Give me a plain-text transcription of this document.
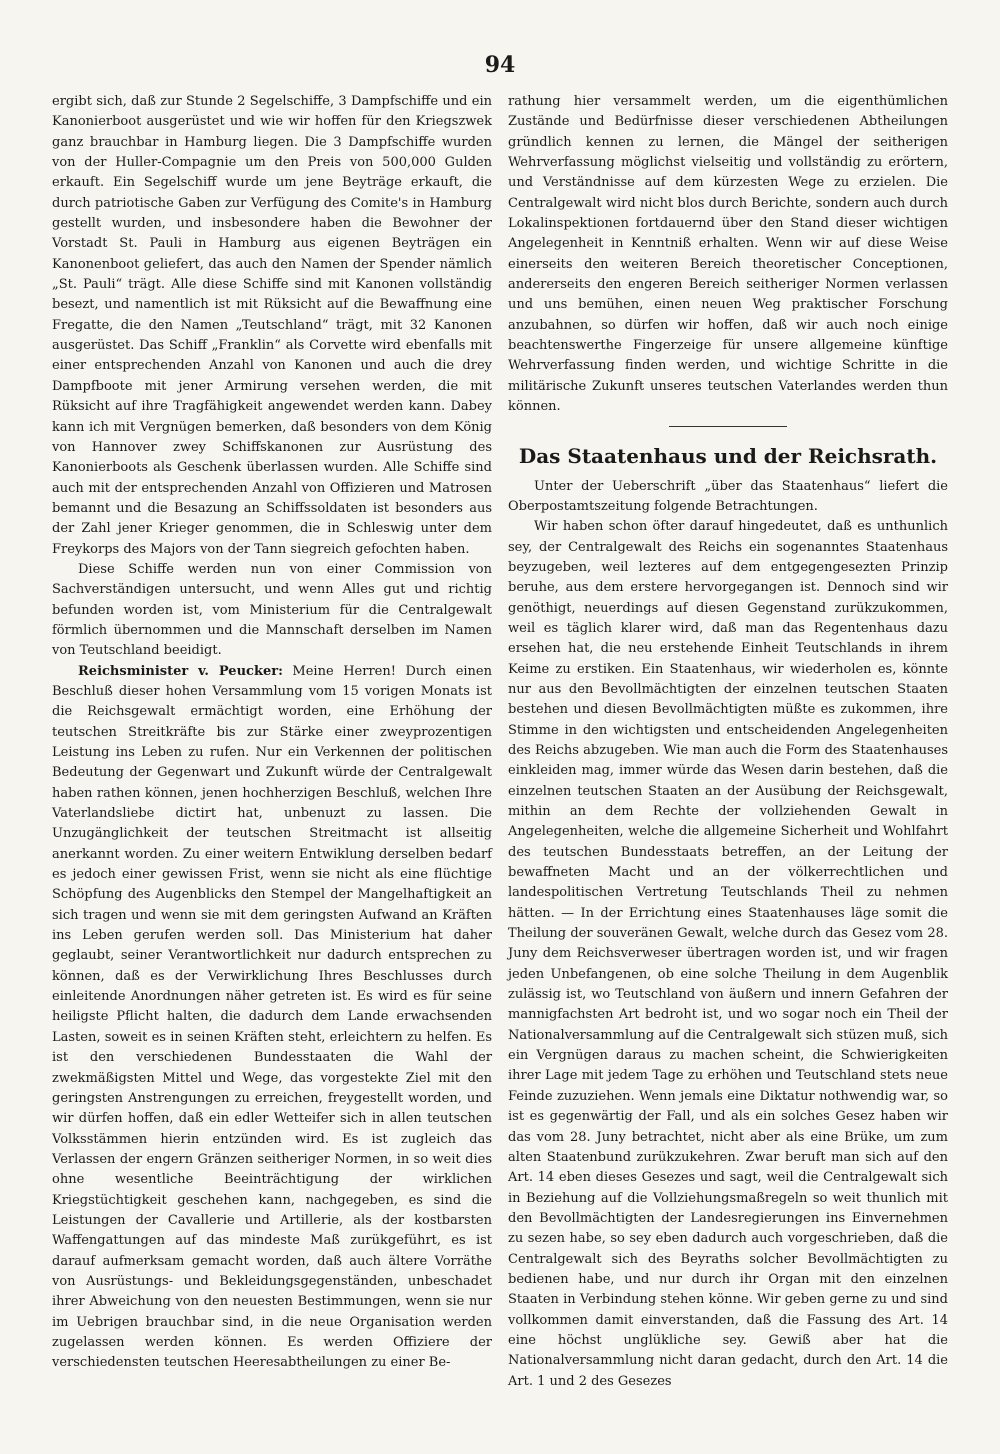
94

ergibt sich, daß zur Stunde 2 Segelschiffe, 3 Dampfschiffe und ein Kanonierboot ausgerüstet und wie wir hoffen für den Kriegszwek ganz brauchbar in Hamburg liegen. Die 3 Dampfschiffe wurden von der Huller-Compagnie um den Preis von 500,000 Gulden erkauft. Ein Segelschiff wurde um jene Beyträge erkauft, die durch patriotische Gaben zur Verfügung des Comite's in Hamburg gestellt wurden, und insbesondere haben die Bewohner der Vorstadt St. Pauli in Hamburg aus eigenen Beyträgen ein Kanonenboot geliefert, das auch den Namen der Spender nämlich „St. Pauli“ trägt. Alle diese Schiffe sind mit Kanonen vollständig besezt, und namentlich ist mit Rüksicht auf die Bewaffnung eine Fregatte, die den Namen „Teutschland“ trägt, mit 32 Kanonen ausgerüstet. Das Schiff „Franklin“ als Corvette wird ebenfalls mit einer entsprechenden Anzahl von Kanonen und auch die drey Dampfboote mit jener Armirung versehen werden, die mit Rüksicht auf ihre Tragfähigkeit angewendet werden kann. Dabey kann ich mit Vergnügen bemerken, daß besonders von dem König von Hannover zwey Schiffskanonen zur Ausrüstung des Kanonierboots als Geschenk überlassen wurden. Alle Schiffe sind auch mit der entsprechenden Anzahl von Offizieren und Matrosen bemannt und die Besazung an Schiffssoldaten ist besonders aus der Zahl jener Krieger genommen, die in Schleswig unter dem Freykorps des Majors von der Tann siegreich gefochten haben.

Diese Schiffe werden nun von einer Commission von Sachverständigen untersucht, und wenn Alles gut und richtig befunden worden ist, vom Ministerium für die Centralgewalt förmlich übernommen und die Mannschaft derselben im Namen von Teutschland beeidigt.

Reichsminister v. Peucker: Meine Herren! Durch einen Beschluß dieser hohen Versammlung vom 15 vorigen Monats ist die Reichsgewalt ermächtigt worden, eine Erhöhung der teutschen Streitkräfte bis zur Stärke einer zweyprozentigen Leistung ins Leben zu rufen. Nur ein Verkennen der politischen Bedeutung der Gegenwart und Zukunft würde der Centralgewalt haben rathen können, jenen hochherzigen Beschluß, welchen Ihre Vaterlandsliebe dictirt hat, unbenuzt zu lassen. Die Unzugänglichkeit der teutschen Streitmacht ist allseitig anerkannt worden. Zu einer weitern Entwiklung derselben bedarf es jedoch einer gewissen Frist, wenn sie nicht als eine flüchtige Schöpfung des Augenblicks den Stempel der Mangelhaftigkeit an sich tragen und wenn sie mit dem geringsten Aufwand an Kräften ins Leben gerufen werden soll. Das Ministerium hat daher geglaubt, seiner Verantwortlichkeit nur dadurch entsprechen zu können, daß es der Verwirklichung Ihres Beschlusses durch einleitende Anordnungen näher getreten ist. Es wird es für seine heiligste Pflicht halten, die dadurch dem Lande erwachsenden Lasten, soweit es in seinen Kräften steht, erleichtern zu helfen. Es ist den verschiedenen Bundesstaaten die Wahl der zwekmäßigsten Mittel und Wege, das vorgestekte Ziel mit den geringsten Anstrengungen zu erreichen, freygestellt worden, und wir dürfen hoffen, daß ein edler Wetteifer sich in allen teutschen Volksstämmen hierin entzünden wird. Es ist zugleich das Verlassen der engern Gränzen seitheriger Normen, in so weit dies ohne wesentliche Beeinträchtigung der wirklichen Kriegstüchtigkeit geschehen kann, nachgegeben, es sind die Leistungen der Cavallerie und Artillerie, als der kostbarsten Waffengattungen auf das mindeste Maß zurükgeführt, es ist darauf aufmerksam gemacht worden, daß auch ältere Vorräthe von Ausrüstungs- und Bekleidungsgegenständen, unbeschadet ihrer Abweichung von den neuesten Bestimmungen, wenn sie nur im Uebrigen brauchbar sind, in die neue Organisation werden zugelassen werden können. Es werden Offiziere der verschiedensten teutschen Heeresabtheilungen zu einer Be-

rathung hier versammelt werden, um die eigenthümlichen Zustände und Bedürfnisse dieser verschiedenen Abtheilungen gründlich kennen zu lernen, die Mängel der seitherigen Wehrverfassung möglichst vielseitig und vollständig zu erörtern, und Verständnisse auf dem kürzesten Wege zu erzielen. Die Centralgewalt wird nicht blos durch Berichte, sondern auch durch Lokalinspektionen fortdauernd über den Stand dieser wichtigen Angelegenheit in Kenntniß erhalten. Wenn wir auf diese Weise einerseits den weiteren Bereich theoretischer Conceptionen, andererseits den engeren Bereich seitheriger Normen verlassen und uns bemühen, einen neuen Weg praktischer Forschung anzubahnen, so dürfen wir hoffen, daß wir auch noch einige beachtenswerthe Fingerzeige für unsere allgemeine künftige Wehrverfassung finden werden, und wichtige Schritte in die militärische Zukunft unseres teutschen Vaterlandes werden thun können.

Das Staatenhaus und der Reichsrath.

Unter der Ueberschrift „über das Staatenhaus“ liefert die Oberpostamtszeitung folgende Betrachtungen.

Wir haben schon öfter darauf hingedeutet, daß es unthunlich sey, der Centralgewalt des Reichs ein sogenanntes Staatenhaus beyzugeben, weil lezteres auf dem entgegengesezten Prinzip beruhe, aus dem erstere hervorgegangen ist. Dennoch sind wir genöthigt, neuerdings auf diesen Gegenstand zurükzukommen, weil es täglich klarer wird, daß man das Regentenhaus dazu ersehen hat, die neu erstehende Einheit Teutschlands in ihrem Keime zu erstiken. Ein Staatenhaus, wir wiederholen es, könnte nur aus den Bevollmächtigten der einzelnen teutschen Staaten bestehen und diesen Bevollmächtigten müßte es zukommen, ihre Stimme in den wichtigsten und entscheidenden Angelegenheiten des Reichs abzugeben. Wie man auch die Form des Staatenhauses einkleiden mag, immer würde das Wesen darin bestehen, daß die einzelnen teutschen Staaten an der Ausübung der Reichsgewalt, mithin an dem Rechte der vollziehenden Gewalt in Angelegenheiten, welche die allgemeine Sicherheit und Wohlfahrt des teutschen Bundesstaats betreffen, an der Leitung der bewaffneten Macht und an der völkerrechtlichen und landespolitischen Vertretung Teutschlands Theil zu nehmen hätten. — In der Errichtung eines Staatenhauses läge somit die Theilung der souveränen Gewalt, welche durch das Gesez vom 28. Juny dem Reichsverweser übertragen worden ist, und wir fragen jeden Unbefangenen, ob eine solche Theilung in dem Augenblik zulässig ist, wo Teutschland von äußern und innern Gefahren der mannigfachsten Art bedroht ist, und wo sogar noch ein Theil der Nationalversammlung auf die Centralgewalt sich stüzen muß, sich ein Vergnügen daraus zu machen scheint, die Schwierigkeiten ihrer Lage mit jedem Tage zu erhöhen und Teutschland stets neue Feinde zuzuziehen. Wenn jemals eine Diktatur nothwendig war, so ist es gegenwärtig der Fall, und als ein solches Gesez haben wir das vom 28. Juny betrachtet, nicht aber als eine Brüke, um zum alten Staatenbund zurükzukehren. Zwar beruft man sich auf den Art. 14 eben dieses Gesezes und sagt, weil die Centralgewalt sich in Beziehung auf die Vollziehungsmaßregeln so weit thunlich mit den Bevollmächtigten der Landesregierungen ins Einvernehmen zu sezen habe, so sey eben dadurch auch vorgeschrieben, daß die Centralgewalt sich des Beyraths solcher Bevollmächtigten zu bedienen habe, und nur durch ihr Organ mit den einzelnen Staaten in Verbindung stehen könne. Wir geben gerne zu und sind vollkommen damit einverstanden, daß die Fassung des Art. 14 eine höchst unglükliche sey. Gewiß aber hat die Nationalversammlung nicht daran gedacht, durch den Art. 14 die Art. 1 und 2 des Gesezes
